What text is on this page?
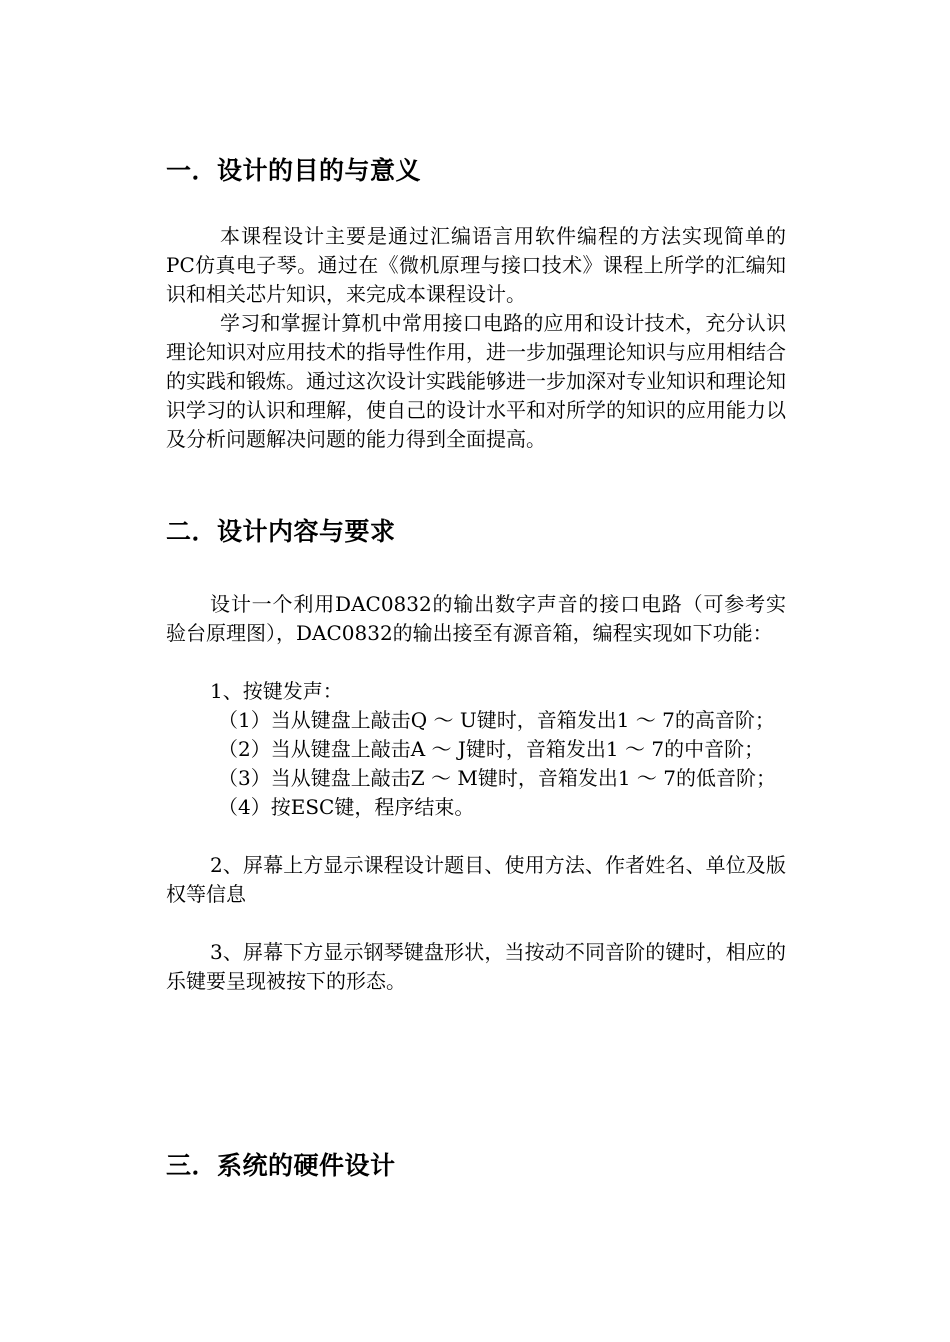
一．设计的目的与意义

本课程设计主要是通过汇编语言用软件编程的方法实现简单的PC仿真电子琴。通过在《微机原理与接口技术》课程上所学的汇编知识和相关芯片知识，来完成本课程设计。

学习和掌握计算机中常用接口电路的应用和设计技术，充分认识理论知识对应用技术的指导性作用，进一步加强理论知识与应用相结合的实践和锻炼。通过这次设计实践能够进一步加深对专业知识和理论知识学习的认识和理解，使自己的设计水平和对所学的知识的应用能力以及分析问题解决问题的能力得到全面提高。

二．设计内容与要求

设计一个利用DAC0832的输出数字声音的接口电路（可参考实验台原理图），DAC0832的输出接至有源音箱，编程实现如下功能：

1、按键发声：

（1）当从键盘上敲击Q ～ U键时，音箱发出1 ～ 7的高音阶；

（2）当从键盘上敲击A ～ J键时，音箱发出1 ～ 7的中音阶；

（3）当从键盘上敲击Z ～ M键时，音箱发出1 ～ 7的低音阶；

（4）按ESC键，程序结束。

2、屏幕上方显示课程设计题目、使用方法、作者姓名、单位及版权等信息

3、屏幕下方显示钢琴键盘形状，当按动不同音阶的键时，相应的乐键要呈现被按下的形态。

三．系统的硬件设计
